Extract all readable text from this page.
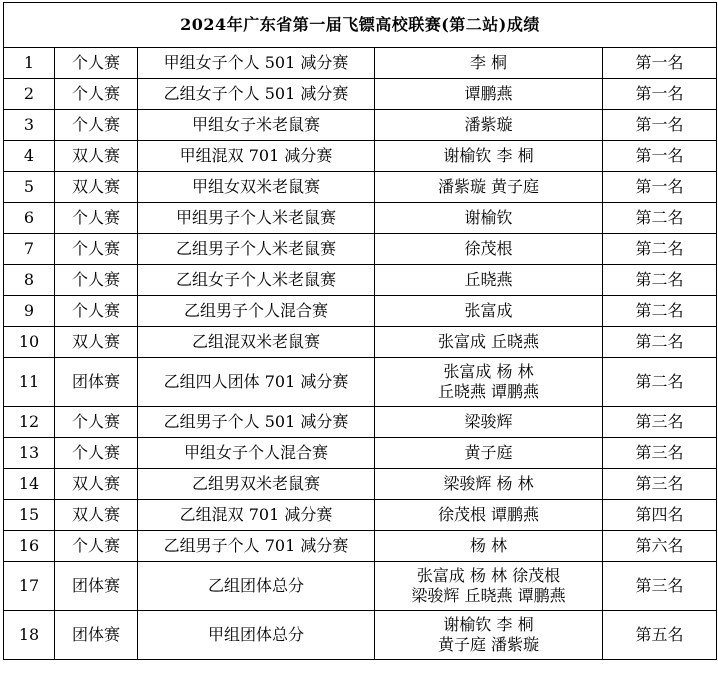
2024年广东省第一届飞镖高校联赛(第二站)成绩				
1	个人赛	甲组女子个人 501 减分赛	李 桐	第一名
2	个人赛	乙组女子个人 501 减分赛	谭鹏燕	第一名
3	个人赛	甲组女子米老鼠赛	潘紫璇	第一名
4	双人赛	甲组混双 701 减分赛	谢榆钦 李 桐	第一名
5	双人赛	甲组女双米老鼠赛	潘紫璇 黄子庭	第一名
6	个人赛	甲组男子个人米老鼠赛	谢榆钦	第二名
7	个人赛	乙组男子个人米老鼠赛	徐茂根	第二名
8	个人赛	乙组女子个人米老鼠赛	丘晓燕	第二名
9	个人赛	乙组男子个人混合赛	张富成	第二名
10	双人赛	乙组混双米老鼠赛	张富成 丘晓燕	第二名
11	团体赛	乙组四人团体 701 减分赛	张富成 杨 林
丘晓燕 谭鹏燕	第二名
12	个人赛	乙组男子个人 501 减分赛	梁骏辉	第三名
13	个人赛	甲组女子个人混合赛	黄子庭	第三名
14	双人赛	乙组男双米老鼠赛	梁骏辉 杨 林	第三名
15	双人赛	乙组混双 701 减分赛	徐茂根 谭鹏燕	第四名
16	个人赛	乙组男子个人 701 减分赛	杨 林	第六名
17	团体赛	乙组团体总分	张富成 杨 林 徐茂根
梁骏辉 丘晓燕 谭鹏燕	第三名
18	团体赛	甲组团体总分	谢榆钦 李 桐
黄子庭 潘紫璇	第五名
